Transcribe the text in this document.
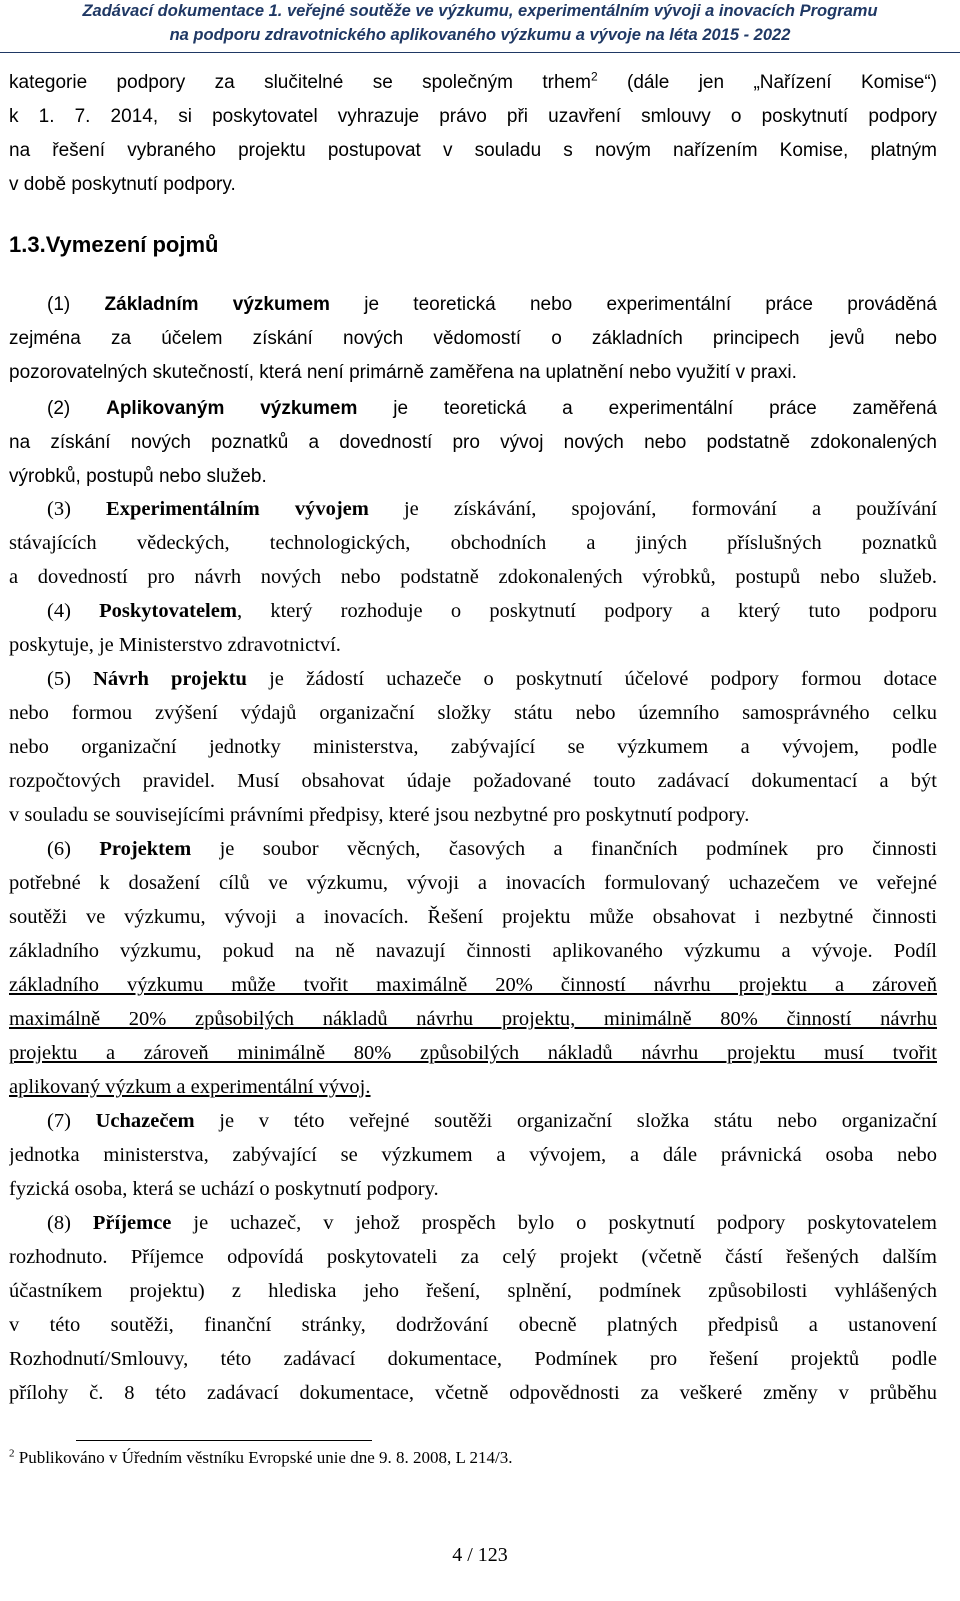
Zadávací dokumentace 1. veřejné soutěže ve výzkumu, experimentálním vývoji a inovacích Programu
na podporu zdravotnického aplikovaného výzkumu a vývoje na léta 2015 - 2022
kategorie podpory za slučitelné se společným trhem$^2$ (dále jen „Nařízení Komise“)
k 1. 7. 2014, si poskytovatel vyhrazuje právo při uzavření smlouvy o poskytnutí podpory
na řešení vybraného projektu postupovat v souladu s novým nařízením Komise, platným
v době poskytnutí podpory.
1.3.Vymezení pojmů
(1) Základním výzkumem je teoretická nebo experimentální práce prováděná
zejména za účelem získání nových vědomostí o základních principech jevů nebo
pozorovatelných skutečností, která není primárně zaměřena na uplatnění nebo využití v praxi.
(2) Aplikovaným výzkumem je teoretická a experimentální práce zaměřená
na získání nových poznatků a dovedností pro vývoj nových nebo podstatně zdokonalených
výrobků, postupů nebo služeb.
(3) Experimentálním vývojem je získávání, spojování, formování a používání
stávajících vědeckých, technologických, obchodních a jiných příslušných poznatků
a dovedností pro návrh nových nebo podstatně zdokonalených výrobků, postupů nebo služeb.
(4) Poskytovatelem, který rozhoduje o poskytnutí podpory a který tuto podporu
poskytuje, je Ministerstvo zdravotnictví.
(5) Návrh projektu je žádostí uchazeče o poskytnutí účelové podpory formou dotace
nebo formou zvýšení výdajů organizační složky státu nebo územního samosprávného celku
nebo organizační jednotky ministerstva, zabývající se výzkumem a vývojem, podle
rozpočtových pravidel. Musí obsahovat údaje požadované touto zadávací dokumentací a být
v souladu se souvisejícími právními předpisy, které jsou nezbytné pro poskytnutí podpory.
(6) Projektem je soubor věcných, časových a finančních podmínek pro činnosti
potřebné k dosažení cílů ve výzkumu, vývoji a inovacích formulovaný uchazečem ve veřejné
soutěži ve výzkumu, vývoji a inovacích. Řešení projektu může obsahovat i nezbytné činnosti
základního výzkumu, pokud na ně navazují činnosti aplikovaného výzkumu a vývoje. Podíl
základního výzkumu může tvořit maximálně 20% činností návrhu projektu a zároveň
maximálně 20% způsobilých nákladů návrhu projektu, minimálně 80% činností návrhu
projektu a zároveň minimálně 80% způsobilých nákladů návrhu projektu musí tvořit
aplikovaný výzkum a experimentální vývoj.
(7) Uchazečem je v této veřejné soutěži organizační složka státu nebo organizační
jednotka ministerstva, zabývající se výzkumem a vývojem, a dále právnická osoba nebo
fyzická osoba, která se uchází o poskytnutí podpory.
(8) Příjemce je uchazeč, v jehož prospěch bylo o poskytnutí podpory poskytovatelem
rozhodnuto. Příjemce odpovídá poskytovateli za celý projekt (včetně částí řešených dalším
účastníkem projektu) z hlediska jeho řešení, splnění, podmínek způsobilosti vyhlášených
v této soutěži, finanční stránky, dodržování obecně platných předpisů a ustanovení
Rozhodnutí/Smlouvy, této zadávací dokumentace, Podmínek pro řešení projektů podle
přílohy č. 8 této zadávací dokumentace, včetně odpovědnosti za veškeré změny v průběhu
$^2$ Publikováno v Úředním věstníku Evropské unie dne 9. 8. 2008, L 214/3.
4 / 123
